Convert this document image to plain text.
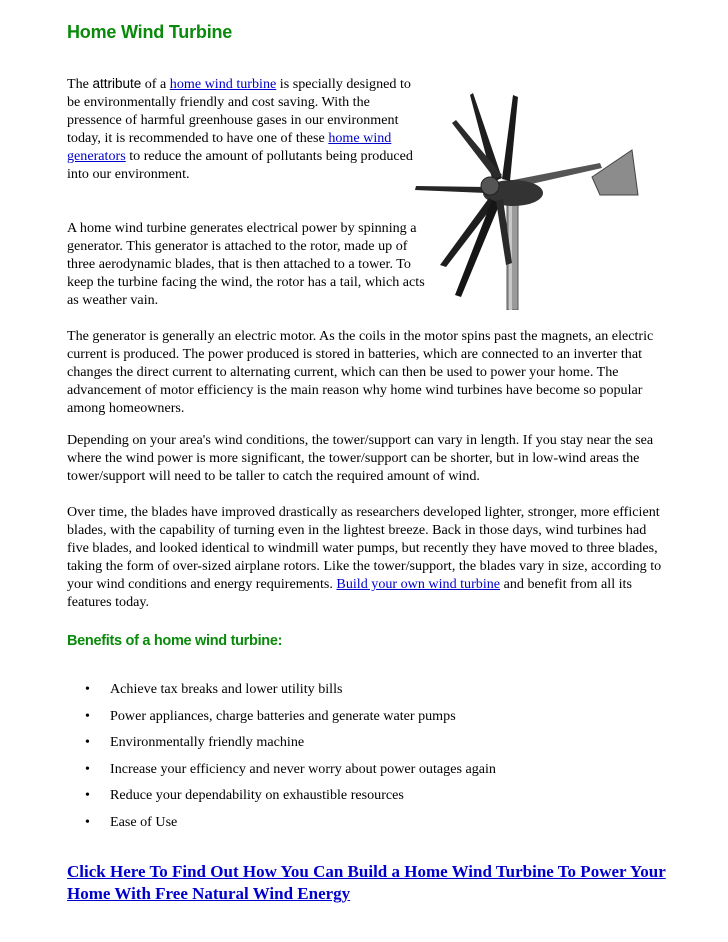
Home Wind Turbine

The attribute of a home wind turbine is specially designed to be environmentally friendly and cost saving. With the pressence of harmful greenhouse gases in our environment today, it is recommended to have one of these home wind generators to reduce the amount of pollutants being produced into our environment.

A home wind turbine generates electrical power by spinning a generator. This generator is attached to the rotor, made up of three aerodynamic blades, that is then attached to a tower. To keep the turbine facing the wind, the rotor has a tail, which acts as weather vain.

The generator is generally an electric motor. As the coils in the motor spins past the magnets, an electric current is produced. The power produced is stored in batteries, which are connected to an inverter that changes the direct current to alternating current, which can then be used to power your home. The advancement of motor efficiency is the main reason why home wind turbines have become so popular among homeowners.

Depending on your area's wind conditions, the tower/support can vary in length. If you stay near the sea where the wind power is more significant, the tower/support can be shorter, but in low-wind areas the tower/support will need to be taller to catch the required amount of wind.

Over time, the blades have improved drastically as researchers developed lighter, stronger, more efficient blades, with the capability of turning even in the lightest breeze. Back in those days, wind turbines had five blades, and looked identical to windmill water pumps, but recently they have moved to three blades, taking the form of over-sized airplane rotors. Like the tower/support, the blades vary in size, according to your wind conditions and energy requirements. Build your own wind turbine and benefit from all its features today.

Benefits of a home wind turbine:
• Achieve tax breaks and lower utility bills
• Power appliances, charge batteries and generate water pumps
• Environmentally friendly machine
• Increase your efficiency and never worry about power outages again
• Reduce your dependability on exhaustible resources
• Ease of Use

Click Here To Find Out How You Can Build a Home Wind Turbine To Power Your Home With Free Natural Wind Energy
